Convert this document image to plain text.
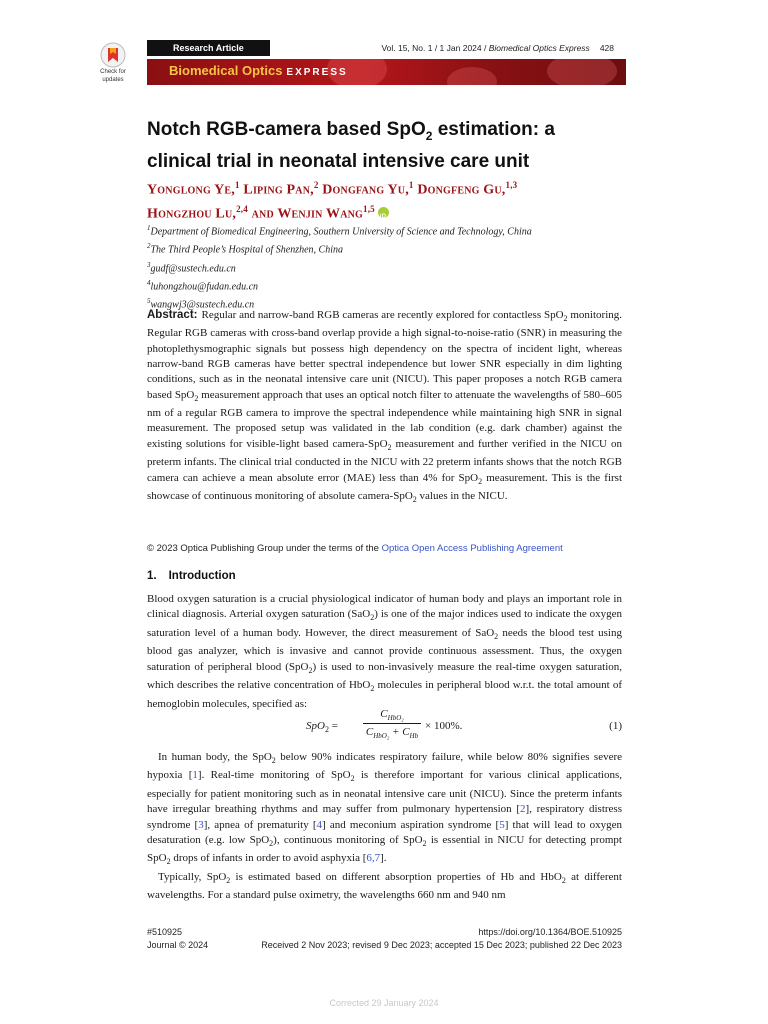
Check for
updates
Research Article	Vol. 15, No. 1 / 1 Jan 2024 / Biomedical Optics Express 428
Biomedical Optics EXPRESS
Notch RGB-camera based SpO$_2$ estimation: a clinical trial in neonatal intensive care unit
Yonglong Ye,$^1$ Liping Pan,$^2$ Dongfang Yu,$^1$ Dongfeng Gu,$^{1,3}$
Hongzhou Lu,$^{2,4}$ and Wenjin Wang$^{1,5}$iD
$^1$Department of Biomedical Engineering, Southern University of Science and Technology, China
$^2$The Third People’s Hospital of Shenzhen, China
$^3$gudf@sustech.edu.cn
$^4$luhongzhou@fudan.edu.cn
$^5$wangwj3@sustech.edu.cn
Abstract: Regular and narrow-band RGB cameras are recently explored for contactless SpO$_2$ monitoring. Regular RGB cameras with cross-band overlap provide a high signal-to-noise-ratio (SNR) in measuring the photoplethysmographic signals but possess high dependency on the spectra of incident light, whereas narrow-band RGB cameras have better spectral independence but lower SNR especially in dim lighting conditions, such as in the neonatal intensive care unit (NICU). This paper proposes a notch RGB camera based SpO$_2$ measurement approach that uses an optical notch filter to attenuate the wavelengths of 580–605 nm of a regular RGB camera to improve the spectral independence while maintaining high SNR in signal measurement. The proposed setup was validated in the lab condition (e.g. dark chamber) against the existing solutions for visible-light based camera-SpO$_2$ measurement and further verified in the NICU on preterm infants. The clinical trial conducted in the NICU with 22 preterm infants shows that the notch RGB camera can achieve a mean absolute error (MAE) less than 4% for SpO$_2$ measurement. This is the first showcase of continuous monitoring of absolute camera-SpO$_2$ values in the NICU.
© 2023 Optica Publishing Group under the terms of the Optica Open Access Publishing Agreement
1. Introduction
Blood oxygen saturation is a crucial physiological indicator of human body and plays an important role in clinical diagnosis. Arterial oxygen saturation (SaO$_2$) is one of the major indices used to indicate the oxygen saturation level of a human body. However, the direct measurement of SaO$_2$ needs the blood test using blood gas analyzer, which is invasive and cannot provide continuous assessment. Thus, the oxygen saturation of peripheral blood (SpO$_2$) is used to non-invasively measure the real-time oxygen saturation, which describes the relative concentration of HbO$_2$ molecules in peripheral blood w.r.t. the total amount of hemoglobin molecules, specified as:
SpO$_2$ =
$C_{HbO_2}$
$C_{HbO_2} + C_{Hb}$
× 100%.	(1)
In human body, the SpO$_2$ below 90% indicates respiratory failure, while below 80% signifies severe hypoxia [1]. Real-time monitoring of SpO$_2$ is therefore important for various clinical applications, especially for patient monitoring such as in neonatal intensive care unit (NICU). Since the preterm infants have irregular breathing rhythms and may suffer from pulmonary hypertension [2], respiratory distress syndrome [3], apnea of prematurity [4] and meconium aspiration syndrome [5] that will lead to oxygen desaturation (e.g. low SpO$_2$), continuous monitoring of SpO$_2$ is essential in NICU for detecting prompt SpO$_2$ drops of infants in order to avoid asphyxia [6,7].
Typically, SpO$_2$ is estimated based on different absorption properties of Hb and HbO$_2$ at different wavelengths. For a standard pulse oximetry, the wavelengths 660 nm and 940 nm
#510925
Journal © 2024
https://doi.org/10.1364/BOE.510925
Received 2 Nov 2023; revised 9 Dec 2023; accepted 15 Dec 2023; published 22 Dec 2023
Corrected 29 January 2024
